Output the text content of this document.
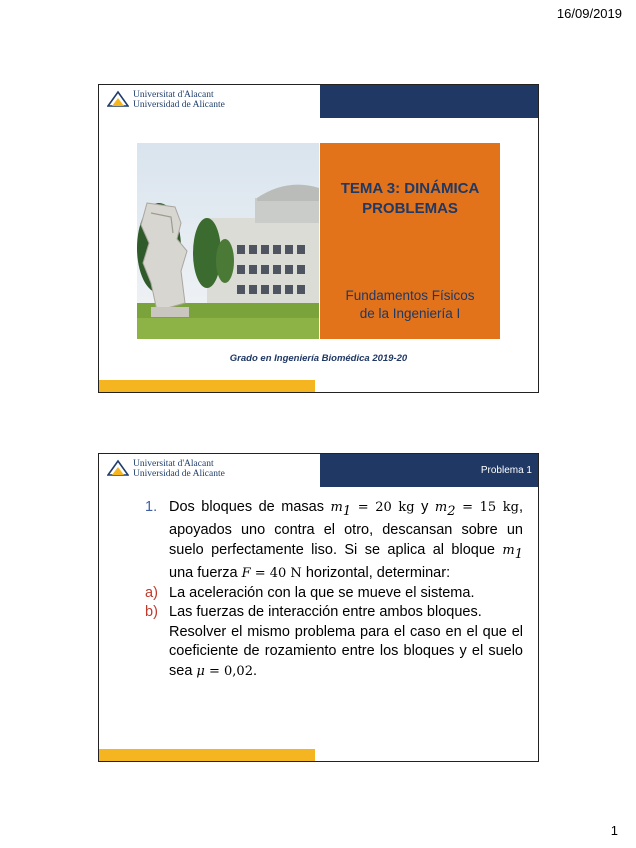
16/09/2019
Universitat d'Alacant
Universidad de Alicante
TEMA 3: DINÁMICA
PROBLEMAS
Fundamentos Físicos
de la Ingeniería I
Grado en Ingeniería Biomédica 2019-20
Universitat d'Alacant
Universidad de Alicante	Problema 1
1. Dos bloques de masas $m_1 = 20$ kg y $m_2 = 15$ kg, apoyados uno contra el otro, descansan sobre un suelo perfectamente liso. Si se aplica al bloque $m_1$ una fuerza F = 40 N horizontal, determinar:
a) La aceleración con la que se mueve el sistema.
b) Las fuerzas de interacción entre ambos bloques.
Resolver el mismo problema para el caso en el que el coeficiente de rozamiento entre los bloques y el suelo sea μ = 0,02.
1
